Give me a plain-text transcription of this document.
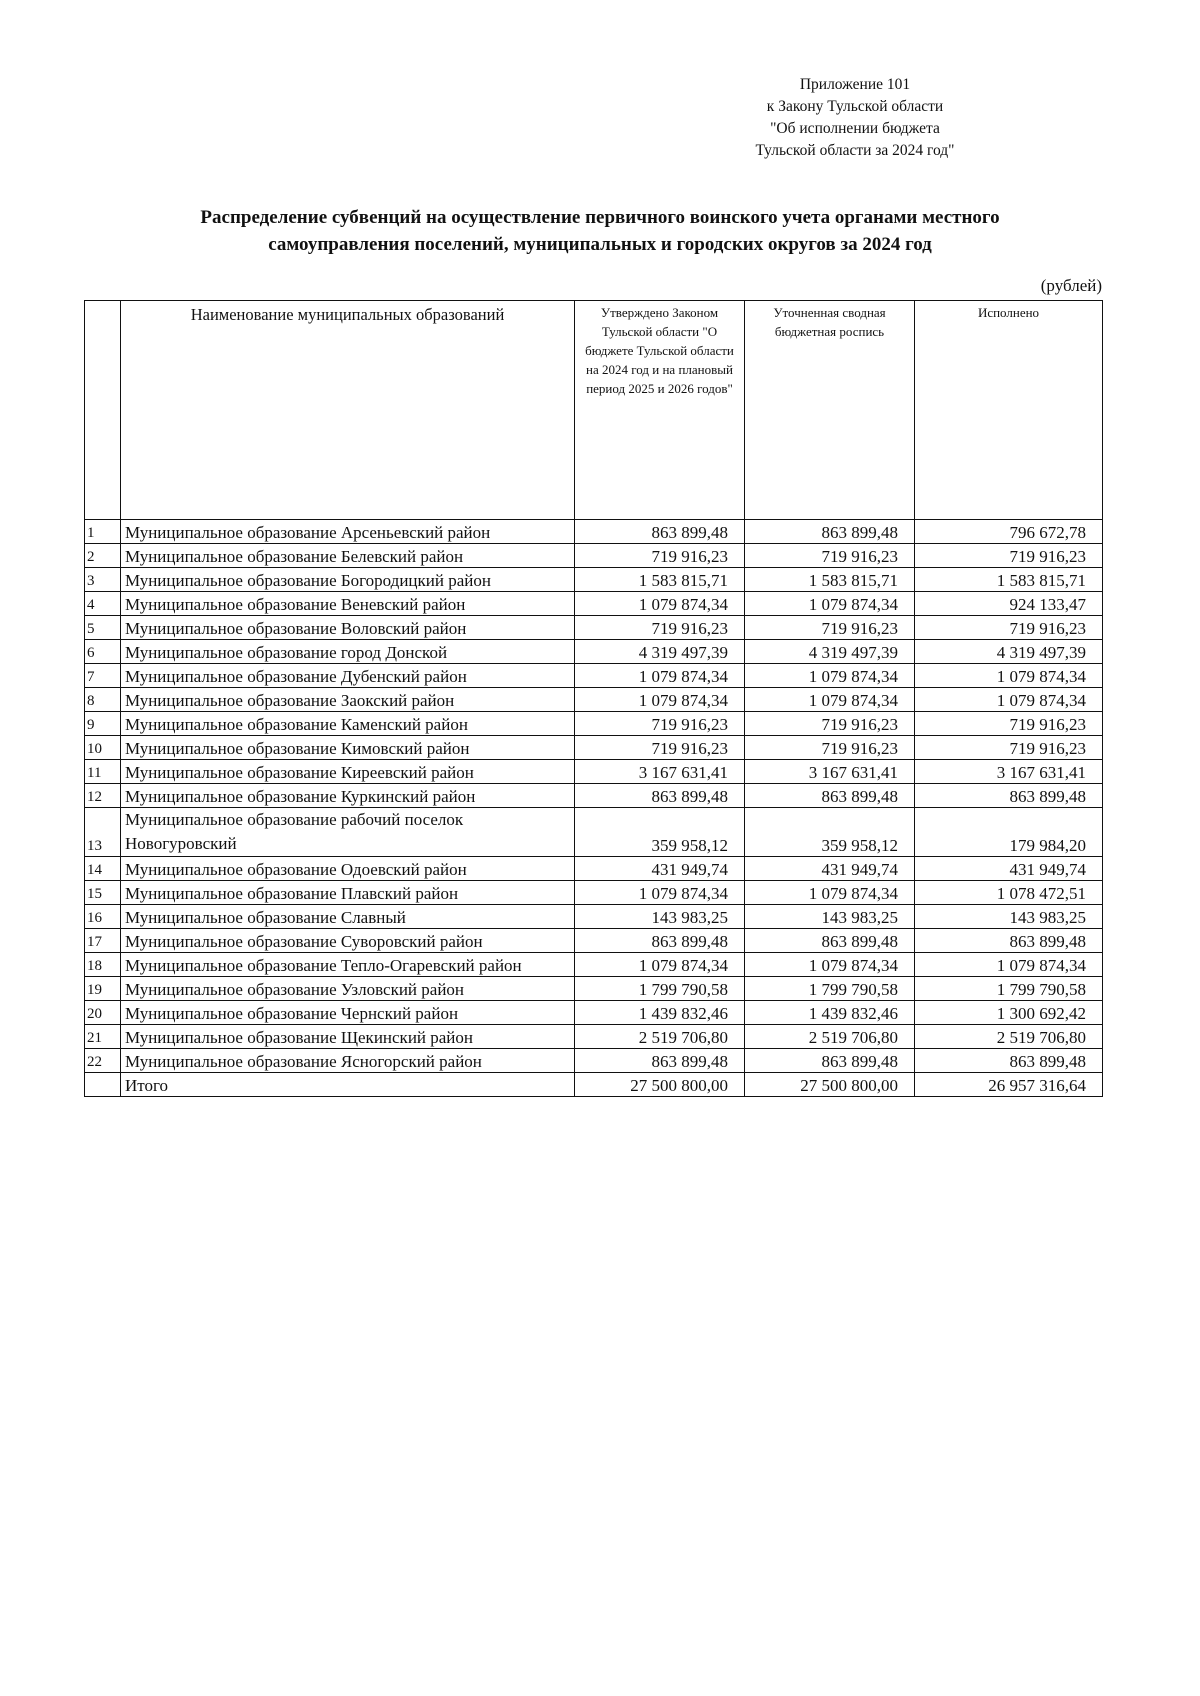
Приложение 101
к Закону Тульской области
"Об исполнении бюджета
Тульской области за 2024 год"
Распределение субвенций на осуществление первичного воинского учета органами местного
самоуправления поселений, муниципальных и городских округов за 2024 год
(рублей)
	Наименование муниципальных образований	Утверждено Законом Тульской области "О бюджете Тульской области на 2024 год и на плановый период 2025 и 2026 годов"	Уточненная сводная бюджетная роспись	Исполнено
1	Муниципальное образование Арсеньевский район	863 899,48	863 899,48	796 672,78
2	Муниципальное образование Белевский район	719 916,23	719 916,23	719 916,23
3	Муниципальное образование Богородицкий район	1 583 815,71	1 583 815,71	1 583 815,71
4	Муниципальное образование Веневский район	1 079 874,34	1 079 874,34	924 133,47
5	Муниципальное образование Воловский район	719 916,23	719 916,23	719 916,23
6	Муниципальное образование город Донской	4 319 497,39	4 319 497,39	4 319 497,39
7	Муниципальное образование Дубенский район	1 079 874,34	1 079 874,34	1 079 874,34
8	Муниципальное образование Заокский район	1 079 874,34	1 079 874,34	1 079 874,34
9	Муниципальное образование Каменский район	719 916,23	719 916,23	719 916,23
10	Муниципальное образование Кимовский район	719 916,23	719 916,23	719 916,23
11	Муниципальное образование Киреевский район	3 167 631,41	3 167 631,41	3 167 631,41
12	Муниципальное образование Куркинский район	863 899,48	863 899,48	863 899,48
13	Муниципальное образование рабочий поселок Новогуровский	359 958,12	359 958,12	179 984,20
14	Муниципальное образование Одоевский район	431 949,74	431 949,74	431 949,74
15	Муниципальное образование Плавский район	1 079 874,34	1 079 874,34	1 078 472,51
16	Муниципальное образование Славный	143 983,25	143 983,25	143 983,25
17	Муниципальное образование Суворовский район	863 899,48	863 899,48	863 899,48
18	Муниципальное образование Тепло-Огаревский район	1 079 874,34	1 079 874,34	1 079 874,34
19	Муниципальное образование Узловский район	1 799 790,58	1 799 790,58	1 799 790,58
20	Муниципальное образование Чернский район	1 439 832,46	1 439 832,46	1 300 692,42
21	Муниципальное образование Щекинский район	2 519 706,80	2 519 706,80	2 519 706,80
22	Муниципальное образование Ясногорский район	863 899,48	863 899,48	863 899,48
	Итого	27 500 800,00	27 500 800,00	26 957 316,64
